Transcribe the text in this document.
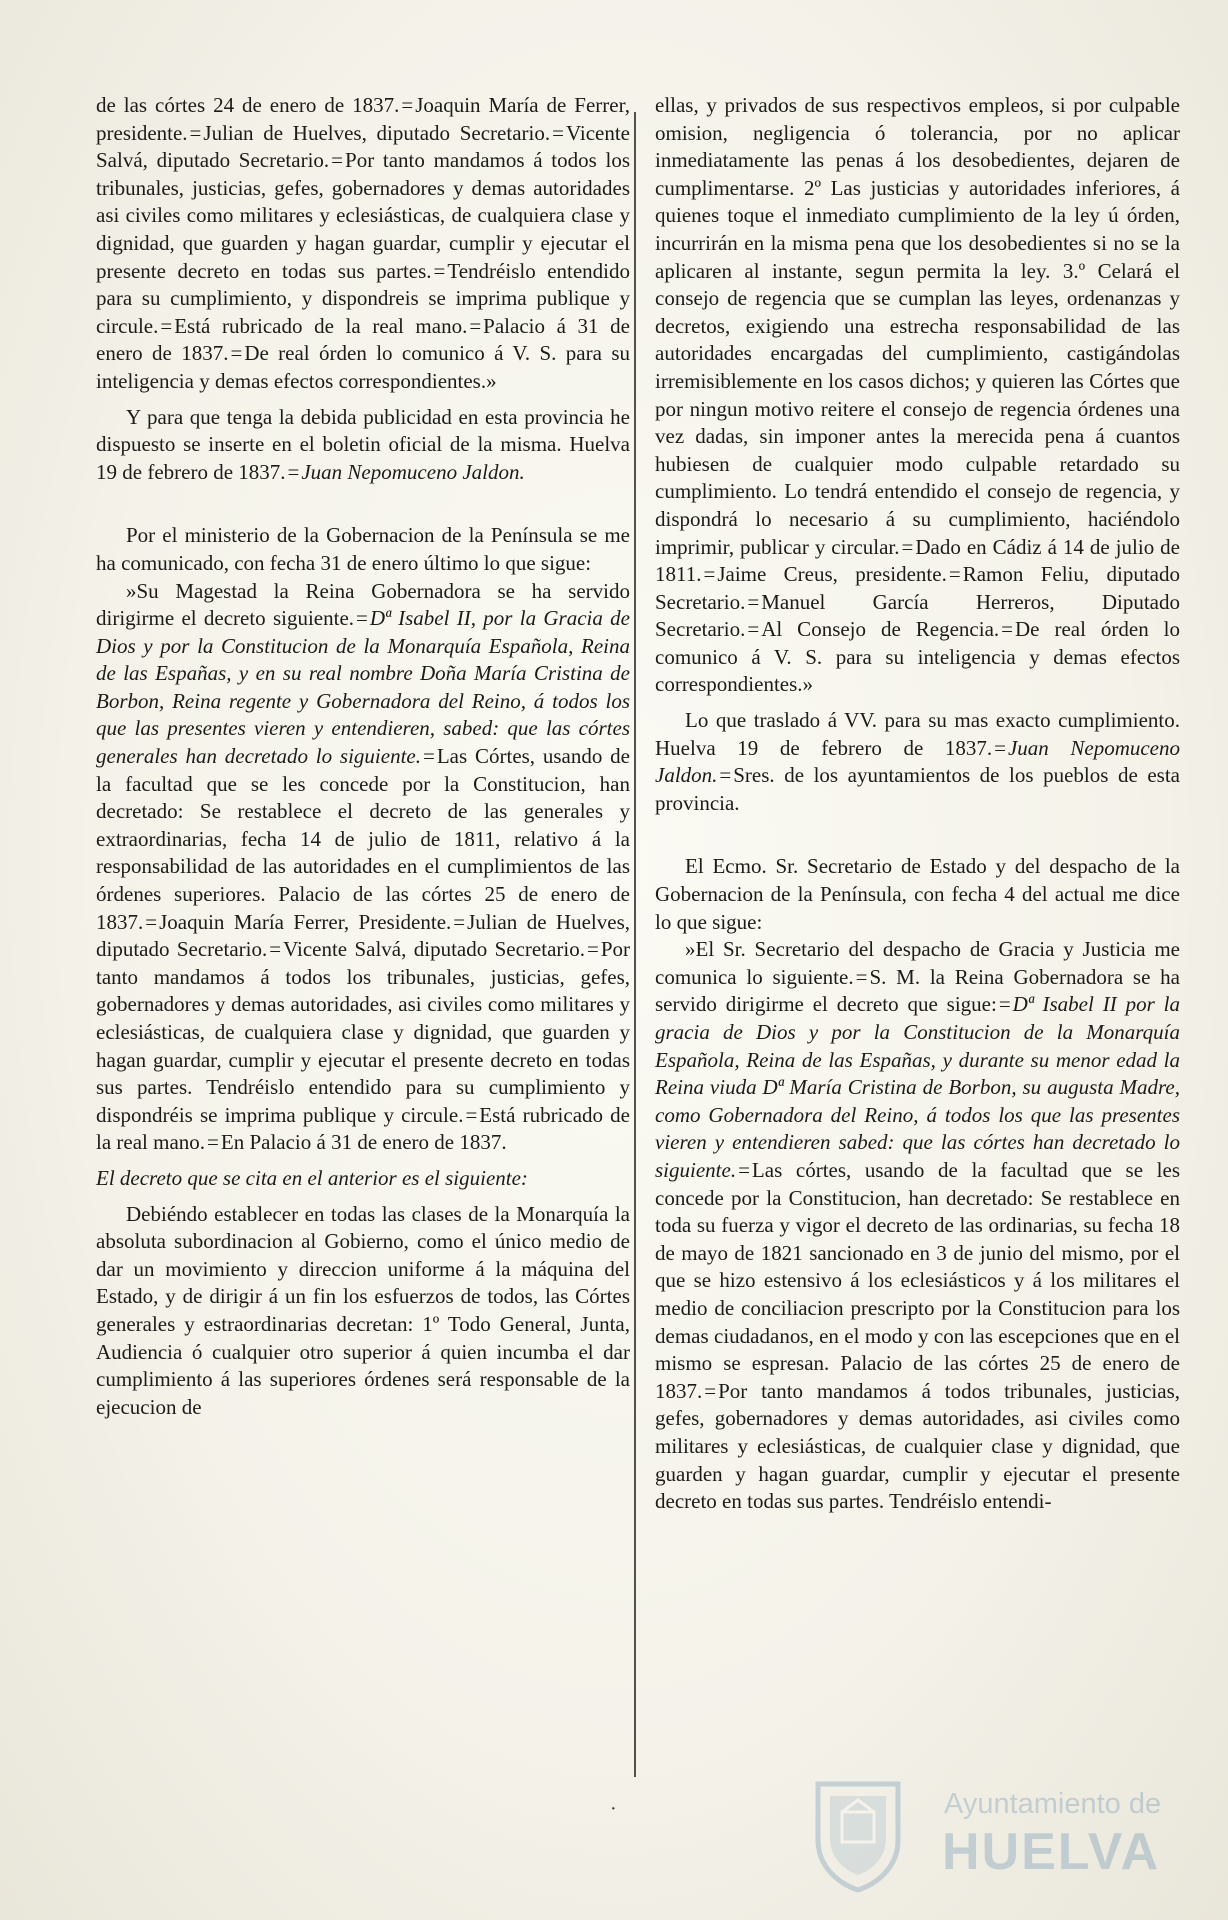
de las córtes 24 de enero de 1837.=Joaquin María de Ferrer, presidente.=Julian de Huelves, diputado Secretario.=Vicente Salvá, diputado Secretario.=Por tanto mandamos á todos los tribunales, justicias, gefes, gobernadores y demas autoridades asi civiles como militares y eclesiásticas, de cualquiera clase y dignidad, que guarden y hagan guardar, cumplir y ejecutar el presente decreto en todas sus partes.=Tendréislo entendido para su cumplimiento, y dispondreis se imprima publique y circule.=Está rubricado de la real mano.=Palacio á 31 de enero de 1837.=De real órden lo comunico á V. S. para su inteligencia y demas efectos correspondientes.»

Y para que tenga la debida publicidad en esta provincia he dispuesto se inserte en el boletin oficial de la misma. Huelva 19 de febrero de 1837.=Juan Nepomuceno Jaldon.

Por el ministerio de la Gobernacion de la Península se me ha comunicado, con fecha 31 de enero último lo que sigue:

»Su Magestad la Reina Gobernadora se ha servido dirigirme el decreto siguiente.=Dª Isabel II, por la Gracia de Dios y por la Constitucion de la Monarquía Española, Reina de las Españas, y en su real nombre Doña María Cristina de Borbon, Reina regente y Gobernadora del Reino, á todos los que las presentes vieren y entendieren, sabed: que las córtes generales han decretado lo siguiente.=Las Córtes, usando de la facultad que se les concede por la Constitucion, han decretado: Se restablece el decreto de las generales y extraordinarias, fecha 14 de julio de 1811, relativo á la responsabilidad de las autoridades en el cumplimientos de las órdenes superiores. Palacio de las córtes 25 de enero de 1837.=Joaquin María Ferrer, Presidente.=Julian de Huelves, diputado Secretario.=Vicente Salvá, diputado Secretario.=Por tanto mandamos á todos los tribunales, justicias, gefes, gobernadores y demas autoridades, asi civiles como militares y eclesiásticas, de cualquiera clase y dignidad, que guarden y hagan guardar, cumplir y ejecutar el presente decreto en todas sus partes. Tendréislo entendido para su cumplimiento y dispondréis se imprima publique y circule.=Está rubricado de la real mano.=En Palacio á 31 de enero de 1837.

El decreto que se cita en el anterior es el siguiente:

Debiéndo establecer en todas las clases de la Monarquía la absoluta subordinacion al Gobierno, como el único medio de dar un movimiento y direccion uniforme á la máquina del Estado, y de dirigir á un fin los esfuerzos de todos, las Córtes generales y estraordinarias decretan: 1º Todo General, Junta, Audiencia ó cualquier otro superior á quien incumba el dar cumplimiento á las superiores órdenes será responsable de la ejecucion de

ellas, y privados de sus respectivos empleos, si por culpable omision, negligencia ó tolerancia, por no aplicar inmediatamente las penas á los desobedientes, dejaren de cumplimentarse. 2º Las justicias y autoridades inferiores, á quienes toque el inmediato cumplimiento de la ley ú órden, incurrirán en la misma pena que los desobedientes si no se la aplicaren al instante, segun permita la ley. 3.º Celará el consejo de regencia que se cumplan las leyes, ordenanzas y decretos, exigiendo una estrecha responsabilidad de las autoridades encargadas del cumplimiento, castigándolas irremisiblemente en los casos dichos; y quieren las Córtes que por ningun motivo reitere el consejo de regencia órdenes una vez dadas, sin imponer antes la merecida pena á cuantos hubiesen de cualquier modo culpable retardado su cumplimiento. Lo tendrá entendido el consejo de regencia, y dispondrá lo necesario á su cumplimiento, haciéndolo imprimir, publicar y circular.=Dado en Cádiz á 14 de julio de 1811.=Jaime Creus, presidente.=Ramon Feliu, diputado Secretario.=Manuel García Herreros, Diputado Secretario.=Al Consejo de Regencia.=De real órden lo comunico á V. S. para su inteligencia y demas efectos correspondientes.»

Lo que traslado á VV. para su mas exacto cumplimiento. Huelva 19 de febrero de 1837.=Juan Nepomuceno Jaldon.=Sres. de los ayuntamientos de los pueblos de esta provincia.

El Ecmo. Sr. Secretario de Estado y del despacho de la Gobernacion de la Península, con fecha 4 del actual me dice lo que sigue:

»El Sr. Secretario del despacho de Gracia y Justicia me comunica lo siguiente.=S. M. la Reina Gobernadora se ha servido dirigirme el decreto que sigue:=Dª Isabel II por la gracia de Dios y por la Constitucion de la Monarquía Española, Reina de las Españas, y durante su menor edad la Reina viuda Dª María Cristina de Borbon, su augusta Madre, como Gobernadora del Reino, á todos los que las presentes vieren y entendieren sabed: que las córtes han decretado lo siguiente.=Las córtes, usando de la facultad que se les concede por la Constitucion, han decretado: Se restablece en toda su fuerza y vigor el decreto de las ordinarias, su fecha 18 de mayo de 1821 sancionado en 3 de junio del mismo, por el que se hizo estensivo á los eclesiásticos y á los militares el medio de conciliacion prescripto por la Constitucion para los demas ciudadanos, en el modo y con las escepciones que en el mismo se espresan. Palacio de las córtes 25 de enero de 1837.=Por tanto mandamos á todos tribunales, justicias, gefes, gobernadores y demas autoridades, asi civiles como militares y eclesiásticas, de cualquier clase y dignidad, que guarden y hagan guardar, cumplir y ejecutar el presente decreto en todas sus partes. Tendréislo entendi-

·	Ayuntamiento de
HUELVA
